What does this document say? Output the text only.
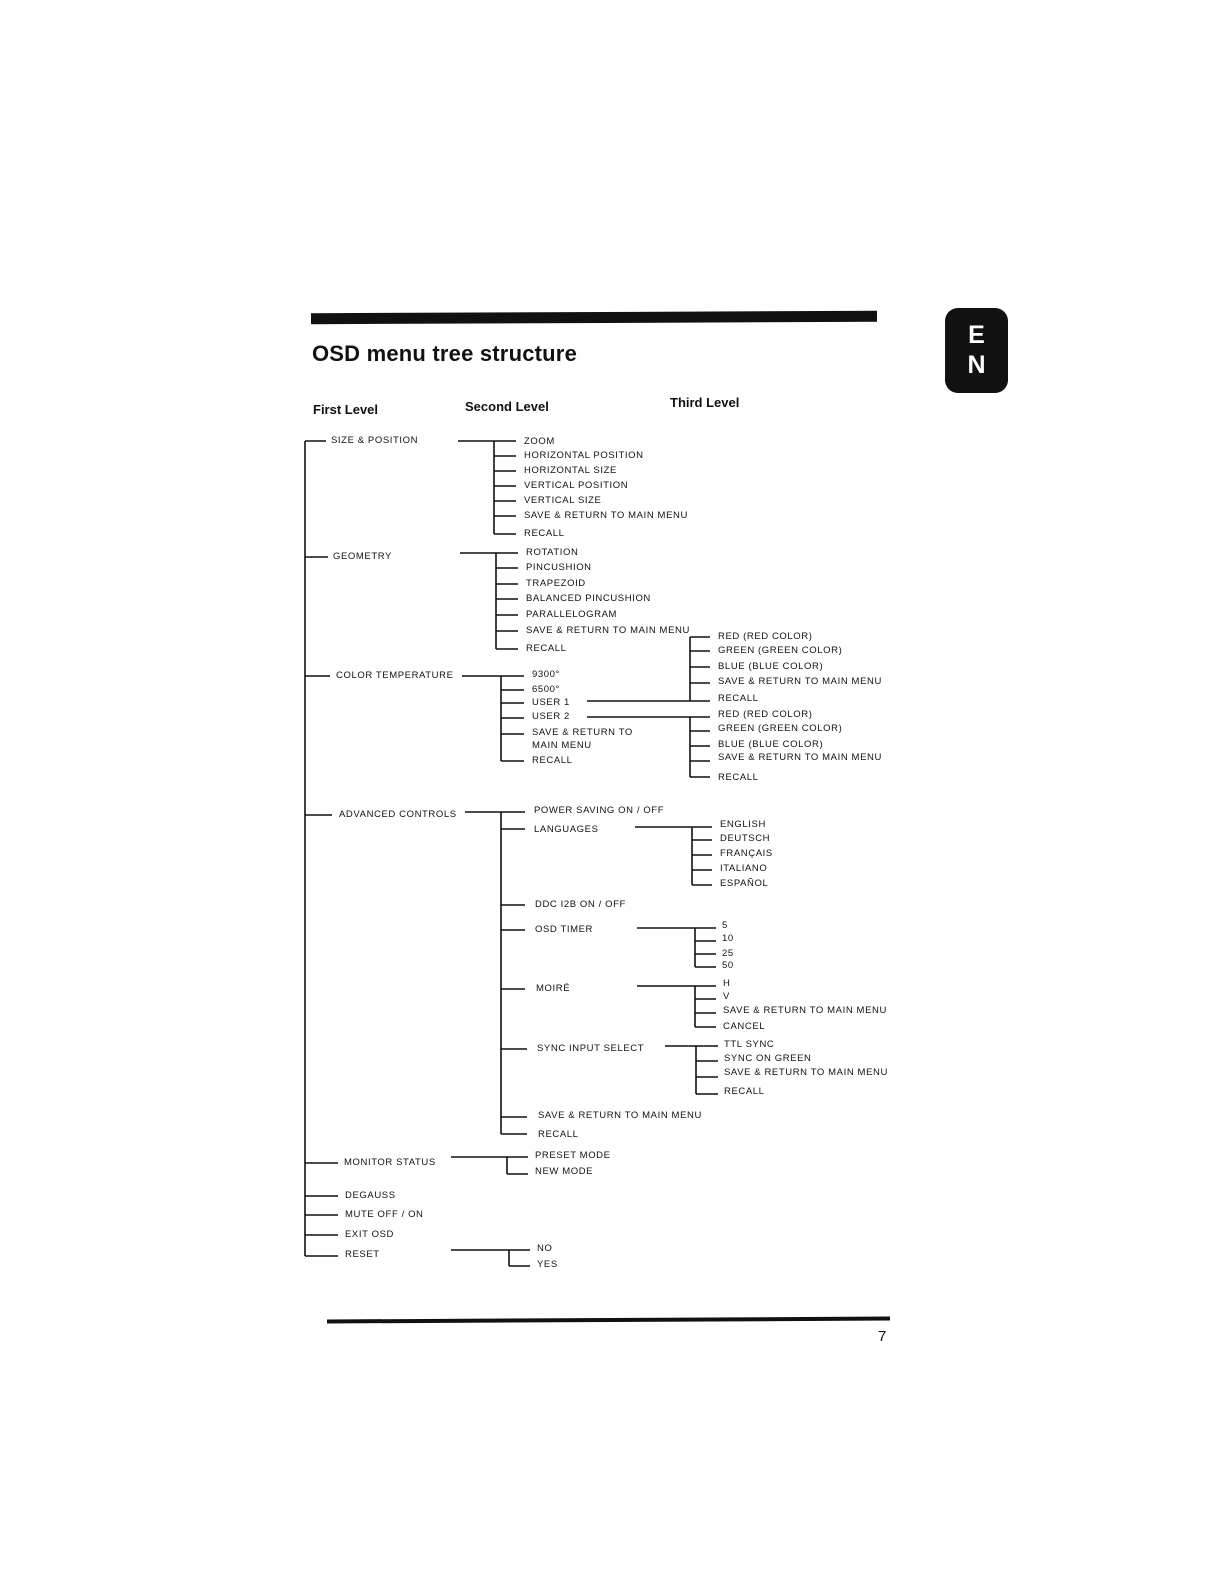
OSD menu tree structure
E
N
First Level	Second Level	Third Level
SIZE & POSITION
GEOMETRY
COLOR TEMPERATURE
ADVANCED CONTROLS
MONITOR STATUS
DEGAUSS
MUTE OFF / ON
EXIT OSD
RESET
ZOOM
HORIZONTAL POSITION
HORIZONTAL SIZE
VERTICAL POSITION
VERTICAL SIZE
SAVE & RETURN TO MAIN MENU
RECALL
ROTATION
PINCUSHION
TRAPEZOID
BALANCED PINCUSHION
PARALLELOGRAM
SAVE & RETURN TO MAIN MENU
RECALL
9300°
6500°
USER 1
USER 2
SAVE & RETURN TO
MAIN MENU
RECALL
RED (RED COLOR)
GREEN (GREEN COLOR)
BLUE (BLUE COLOR)
SAVE & RETURN TO MAIN MENU
RECALL
RED (RED COLOR)
GREEN (GREEN COLOR)
BLUE (BLUE COLOR)
SAVE & RETURN TO MAIN MENU
RECALL
POWER SAVING ON / OFF
LANGUAGES	ENGLISH
DEUTSCH
FRANÇAIS
ITALIANO
ESPAÑOL
DDC I2B ON / OFF
OSD TIMER	5
10
25
50
MOIRÉ	H
V
SAVE & RETURN TO MAIN MENU
CANCEL
SYNC INPUT SELECT	TTL SYNC
SYNC ON GREEN
SAVE & RETURN TO MAIN MENU
RECALL
SAVE & RETURN TO MAIN MENU
RECALL
PRESET MODE
NEW MODE
NO
YES
7
